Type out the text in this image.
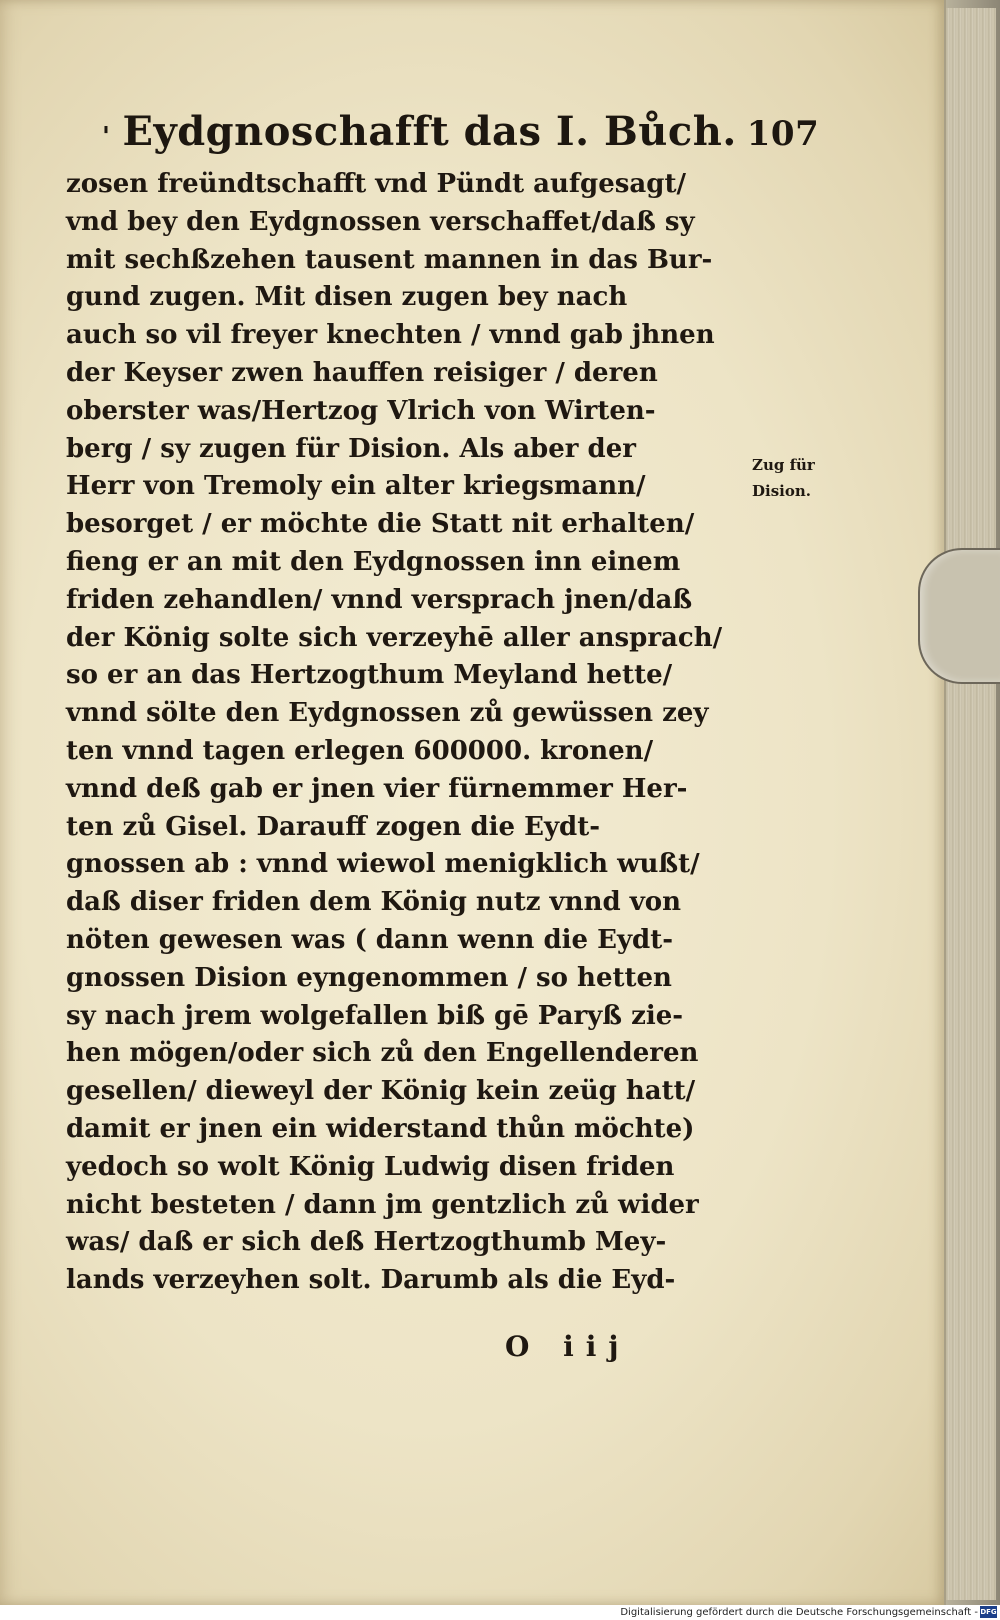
' Eydgnoschafft das I. Bůch. 107
zosen freündtschafft vnd Pündt aufgesagt/
vnd bey den Eydgnossen verschaffet/daß sy
mit sechßzehen tausent mannen in das Bur-
gund zugen. Mit disen zugen bey nach
auch so vil freyer knechten / vnnd gab jhnen
der Keyser zwen hauffen reisiger / deren
oberster was/Hertzog Vlrich von Wirten-
berg / sy zugen für Dision. Als aber der
Herr von Tremoly ein alter kriegsmann/
besorget / er möchte die Statt nit erhalten/
fieng er an mit den Eydgnossen inn einem
friden zehandlen/ vnnd versprach jnen/daß
der König solte sich verzeyhē aller ansprach/
so er an das Hertzogthum Meyland hette/
vnnd sölte den Eydgnossen zů gewüssen zey
ten vnnd tagen erlegen 600000. kronen/
vnnd deß gab er jnen vier fürnemmer Her-
ten zů Gisel. Darauff zogen die Eydt-
gnossen ab : vnnd wiewol menigklich wußt/
daß diser friden dem König nutz vnnd von
nöten gewesen was ( dann wenn die Eydt-
gnossen Dision eyngenommen / so hetten
sy nach jrem wolgefallen biß gē Paryß zie-
hen mögen/oder sich zů den Engellenderen
gesellen/ dieweyl der König kein zeüg hatt/
damit er jnen ein widerstand thůn möchte)
yedoch so wolt König Ludwig disen friden
nicht besteten / dann jm gentzlich zů wider
was/ daß er sich deß Hertzogthumb Mey-
lands verzeyhen solt. Darumb als die Eyd-
Zug für
Dision.
O iij
Digitalisierung gefördert durch die Deutsche Forschungsgemeinschaft - DFG
